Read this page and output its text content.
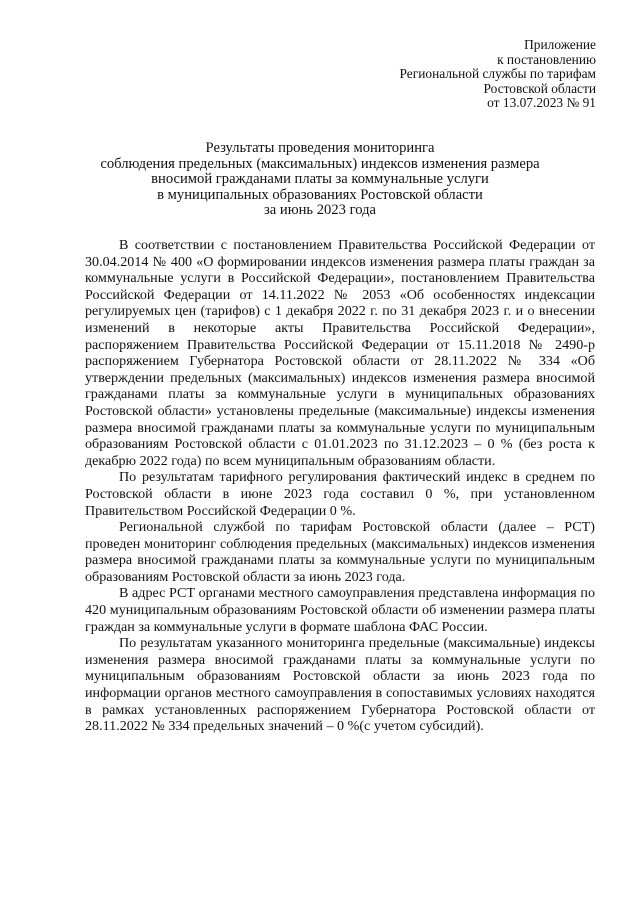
Приложение
к постановлению
Региональной службы по тарифам
Ростовской области
от 13.07.2023 № 91
Результаты проведения мониторинга
соблюдения предельных (максимальных) индексов изменения размера
вносимой гражданами платы за коммунальные услуги
в муниципальных образованиях Ростовской области
за июнь 2023 года

В соответствии с постановлением Правительства Российской Федерации от 30.04.2014 № 400 «О формировании индексов изменения размера платы граждан за коммунальные услуги в Российской Федерации», постановлением Правительства Российской Федерации от 14.11.2022 № 2053 «Об особенностях индексации регулируемых цен (тарифов) с 1 декабря 2022 г. по 31 декабря 2023 г. и о внесении изменений в некоторые акты Правительства Российской Федерации», распоряжением Правительства Российской Федерации от 15.11.2018 № 2490-р распоряжением Губернатора Ростовской области от 28.11.2022 № 334 «Об утверждении предельных (максимальных) индексов изменения размера вносимой гражданами платы за коммунальные услуги в муниципальных образованиях Ростовской области» установлены предельные (максимальные) индексы изменения размера вносимой гражданами платы за коммунальные услуги по муниципальным образованиям Ростовской области с 01.01.2023 по 31.12.2023 – 0 % (без роста к декабрю 2022 года) по всем муниципальным образованиям области.

По результатам тарифного регулирования фактический индекс в среднем по Ростовской области в июне 2023 года составил 0 %, при установленном Правительством Российской Федерации 0 %.

Региональной службой по тарифам Ростовской области (далее – РСТ) проведен мониторинг соблюдения предельных (максимальных) индексов изменения размера вносимой гражданами платы за коммунальные услуги по муниципальным образованиям Ростовской области за июнь 2023 года.

В адрес РСТ органами местного самоуправления представлена информация по 420 муниципальным образованиям Ростовской области об изменении размера платы граждан за коммунальные услуги в формате шаблона ФАС России.

По результатам указанного мониторинга предельные (максимальные) индексы изменения размера вносимой гражданами платы за коммунальные услуги по муниципальным образованиям Ростовской области за июнь 2023 года по информации органов местного самоуправления в сопоставимых условиях находятся в рамках установленных распоряжением Губернатора Ростовской области от 28.11.2022 № 334 предельных значений – 0 %(с учетом субсидий).
